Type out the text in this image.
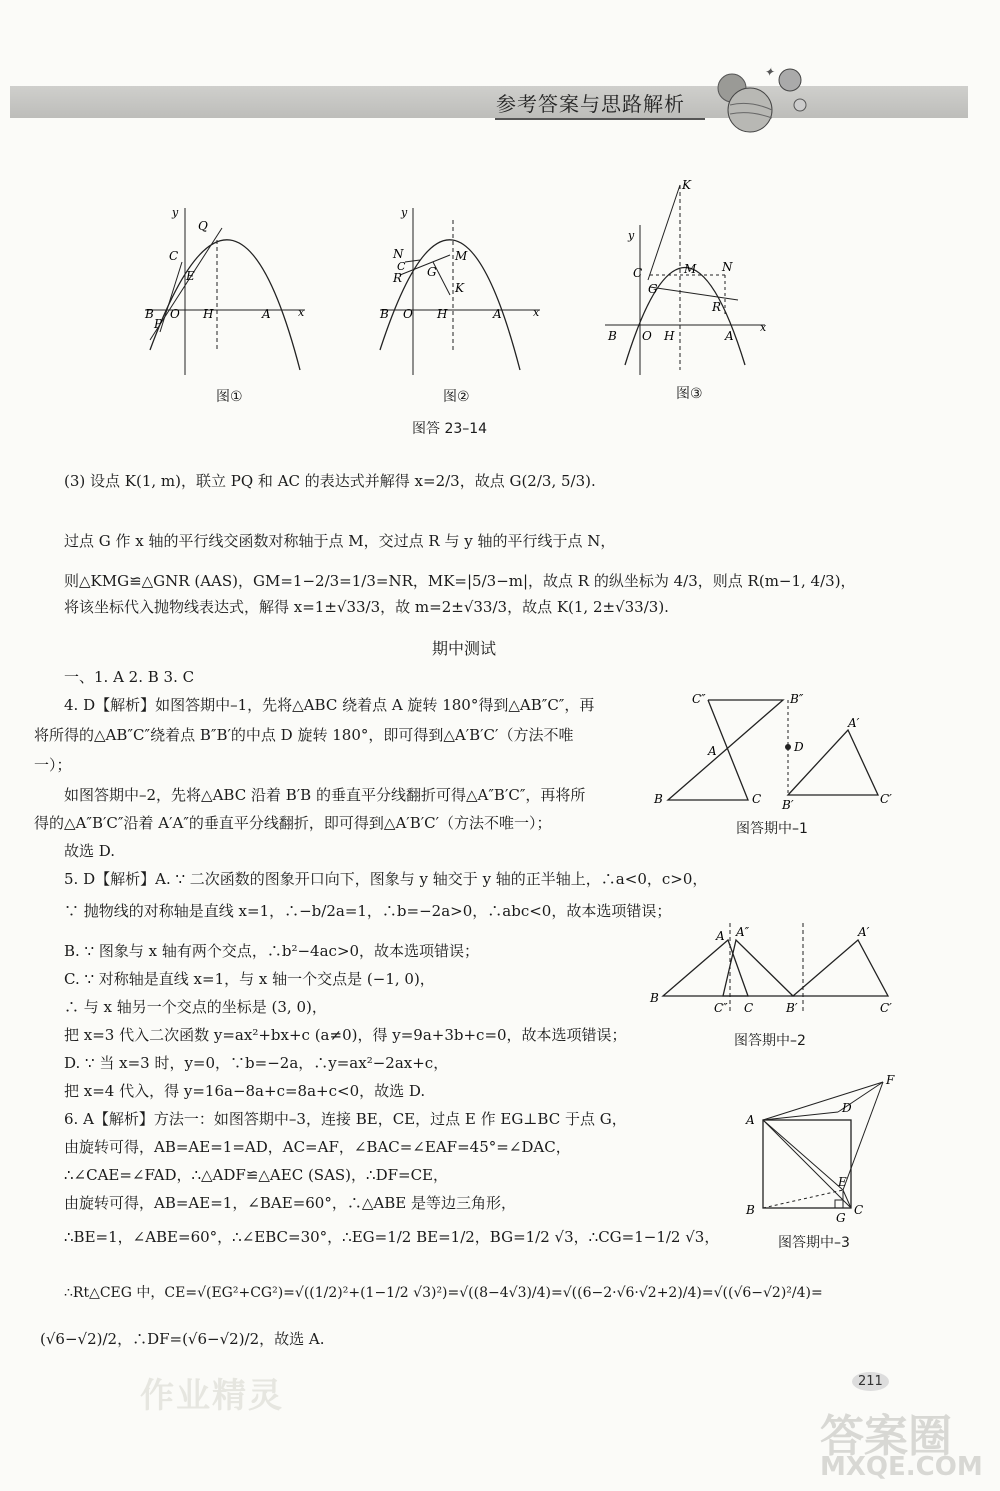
参考答案与思路解析
✦
y
x
C
Q
E
B
P
O H	A
图①
y
x
N
C
R G
M
K
B O H	A
图②
y
x
K
C
G
M N
R
B O H	A
图③
图答 23–14
(3) 设点 K(1, m)，联立 PQ 和 AC 的表达式并解得 x=2/3，故点 G(2/3, 5/3).
过点 G 作 x 轴的平行线交函数对称轴于点 M，交过点 R 与 y 轴的平行线于点 N，
则△KMG≌△GNR (AAS)，GM=1−2/3=1/3=NR，MK=|5/3−m|，故点 R 的纵坐标为 4/3，则点 R(m−1, 4/3)，
将该坐标代入抛物线表达式，解得 x=1±√33/3，故 m=2±√33/3，故点 K(1, 2±√33/3).
期中测试
一、1. A 2. B 3. C
4. D【解析】如图答期中–1，先将△ABC 绕着点 A 旋转 180°得到△AB″C″，再
将所得的△AB″C″绕着点 B″B′的中点 D 旋转 180°，即可得到△A′B′C′（方法不唯
一）；
如图答期中–2，先将△ABC 沿着 B′B 的垂直平分线翻折可得△A″B′C″，再将所
得的△A″B′C″沿着 A′A″的垂直平分线翻折，即可得到△A′B′C′（方法不唯一）；
故选 D.
5. D【解析】A. ∵ 二次函数的图象开口向下，图象与 y 轴交于 y 轴的正半轴上，∴a<0，c>0，
∵ 抛物线的对称轴是直线 x=1，∴−b/2a=1，∴b=−2a>0，∴abc<0，故本选项错误；
B. ∵ 图象与 x 轴有两个交点，∴b²−4ac>0，故本选项错误；
C. ∵ 对称轴是直线 x=1，与 x 轴一个交点是 (−1, 0)，
∴ 与 x 轴另一个交点的坐标是 (3, 0)，
把 x=3 代入二次函数 y=ax²+bx+c (a≠0)，得 y=9a+3b+c=0，故本选项错误；
D. ∵ 当 x=3 时，y=0，∵b=−2a，∴y=ax²−2ax+c，
把 x=4 代入，得 y=16a−8a+c=8a+c<0，故选 D.
6. A【解析】方法一：如图答期中–3，连接 BE，CE，过点 E 作 EG⊥BC 于点 G，
由旋转可得，AB=AE=1=AD，AC=AF，∠BAC=∠EAF=45°=∠DAC，
∴∠CAE=∠FAD，∴△ADF≌△AEC (SAS)，∴DF=CE，
由旋转可得，AB=AE=1，∠BAE=60°，∴△ABE 是等边三角形，
∴BE=1，∠ABE=60°，∴∠EBC=30°，∴EG=1/2 BE=1/2，BG=1/2 √3，∴CG=1−1/2 √3，
∴Rt△CEG 中，CE=√(EG²+CG²)=√((1/2)²+(1−1/2 √3)²)=√((8−4√3)/4)=√((6−2·√6·√2+2)/4)=√((√6−√2)²/4)=
(√6−√2)/2，∴DF=(√6−√2)/2，故选 A.
C″	B″
A	D
B	C
A′
B′	C′
图答期中–1
A A″	A′
B
C″ C	B′	C′
图答期中–2
F
D
A
E
B	C
G
图答期中–3
作业精灵	211
答案圈
MXQE.COM
